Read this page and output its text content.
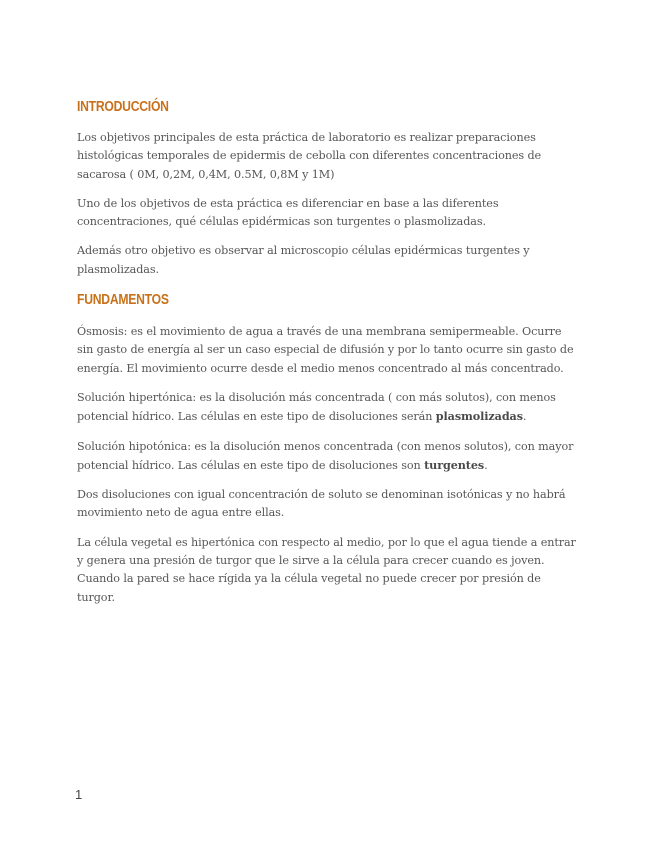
INTRODUCCIÓN

Los objetivos principales de esta práctica de laboratorio es realizar preparaciones histológicas temporales de epidermis de cebolla con diferentes concentraciones de sacarosa ( 0M, 0,2M, 0,4M, 0.5M, 0,8M y 1M)

Uno de los objetivos de esta práctica es diferenciar en base a las diferentes concentraciones, qué células epidérmicas son turgentes o plasmolizadas.

Además otro objetivo es observar al microscopio células epidérmicas turgentes y plasmolizadas.

FUNDAMENTOS

Ósmosis: es el movimiento de agua a través de una membrana semipermeable. Ocurre sin gasto de energía al ser un caso especial de difusión y por lo tanto ocurre sin gasto de energía. El movimiento ocurre desde el medio menos concentrado al más concentrado.

Solución hipertónica: es la disolución más concentrada ( con más solutos), con menos potencial hídrico. Las células en este tipo de disoluciones serán plasmolizadas.

Solución hipotónica: es la disolución menos concentrada (con menos solutos), con mayor potencial hídrico. Las células en este tipo de disoluciones son turgentes.

Dos disoluciones con igual concentración de soluto se denominan isotónicas y no habrá movimiento neto de agua entre ellas.

La célula vegetal es hipertónica con respecto al medio, por lo que el agua tiende a entrar y genera una presión de turgor que le sirve a la célula para crecer cuando es joven. Cuando la pared se hace rígida ya la célula vegetal no puede crecer por presión de turgor.

1
